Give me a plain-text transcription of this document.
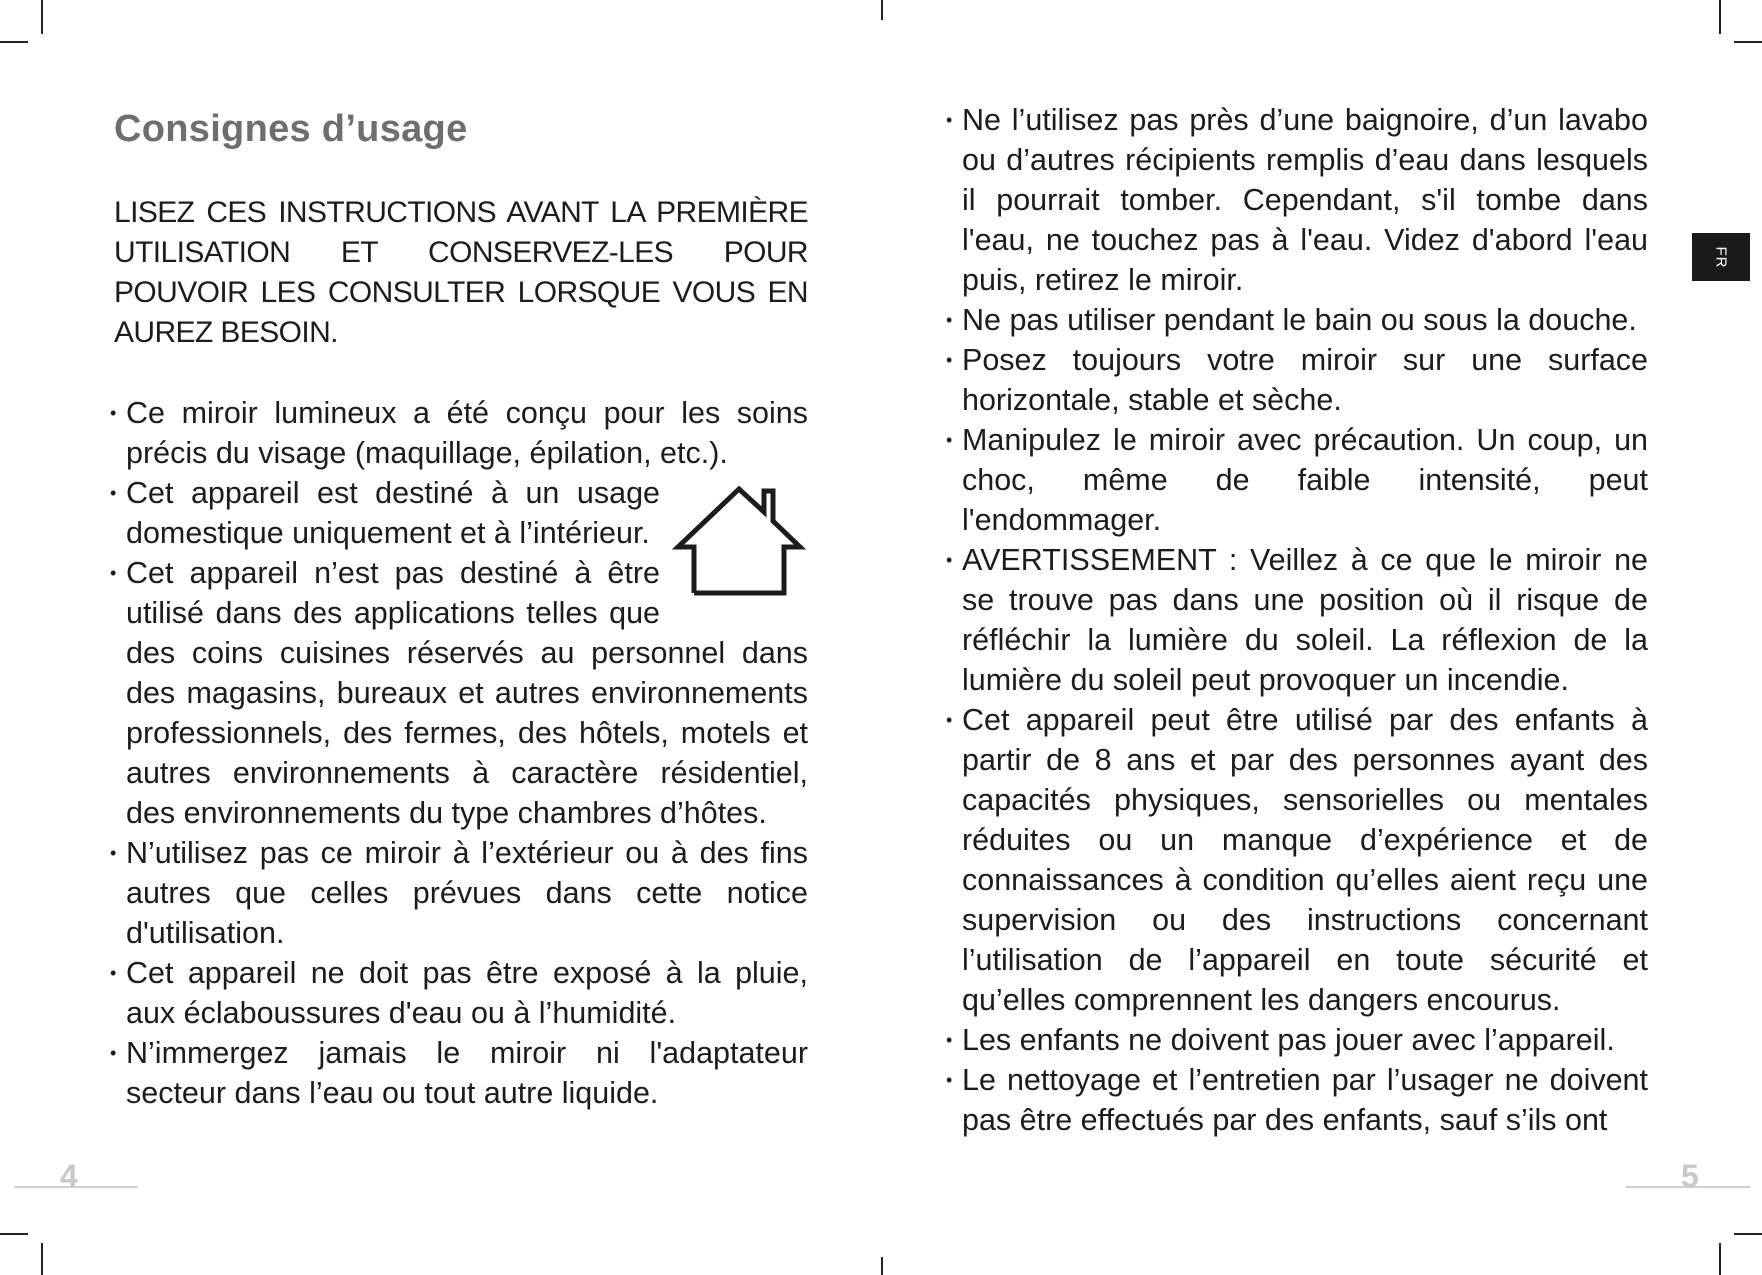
Consignes d’usage

LISEZ CES INSTRUCTIONS AVANT LA PREMIÈRE UTILISATION ET CONSERVEZ-LES POUR POUVOIR LES CONSULTER LORSQUE VOUS EN AUREZ BESOIN.

• Ce miroir lumineux a été conçu pour les soins précis du visage (maquillage, épilation, etc.).
• Cet appareil est destiné à un usage domestique uniquement et à l’intérieur.
• Cet appareil n’est pas destiné à être utilisé dans des applications telles que des coins cuisines réservés au personnel dans des magasins, bureaux et autres environnements professionnels, des fermes, des hôtels, motels et autres environnements à caractère résidentiel, des environnements du type chambres d’hôtes.
• N’utilisez pas ce miroir à l’extérieur ou à des fins autres que celles prévues dans cette notice d'utilisation.
• Cet appareil ne doit pas être exposé à la pluie, aux éclaboussures d'eau ou à l’humidité.
• N’immergez jamais le miroir ni l'adaptateur secteur dans l’eau ou tout autre liquide.
• Ne l’utilisez pas près d’une baignoire, d’un lavabo ou d’autres récipients remplis d’eau dans lesquels il pourrait tomber. Cependant, s'il tombe dans l'eau, ne touchez pas à l'eau. Videz d'abord l'eau puis, retirez le miroir.
• Ne pas utiliser pendant le bain ou sous la douche.
• Posez toujours votre miroir sur une surface horizontale, stable et sèche.
• Manipulez le miroir avec précaution. Un coup, un choc, même de faible intensité, peut l'endommager.
• AVERTISSEMENT : Veillez à ce que le miroir ne se trouve pas dans une position où il risque de réfléchir la lumière du soleil. La réflexion de la lumière du soleil peut provoquer un incendie.
• Cet appareil peut être utilisé par des enfants à partir de 8 ans et par des personnes ayant des capacités physiques, sensorielles ou mentales réduites ou un manque d’expérience et de connaissances à condition qu’elles aient reçu une supervision ou des instructions concernant l’utilisation de l’appareil en toute sécurité et qu’elles comprennent les dangers encourus.
• Les enfants ne doivent pas jouer avec l’appareil.
• Le nettoyage et l’entretien par l’usager ne doivent pas être effectués par des enfants, sauf s’ils ont
FR
4	5
